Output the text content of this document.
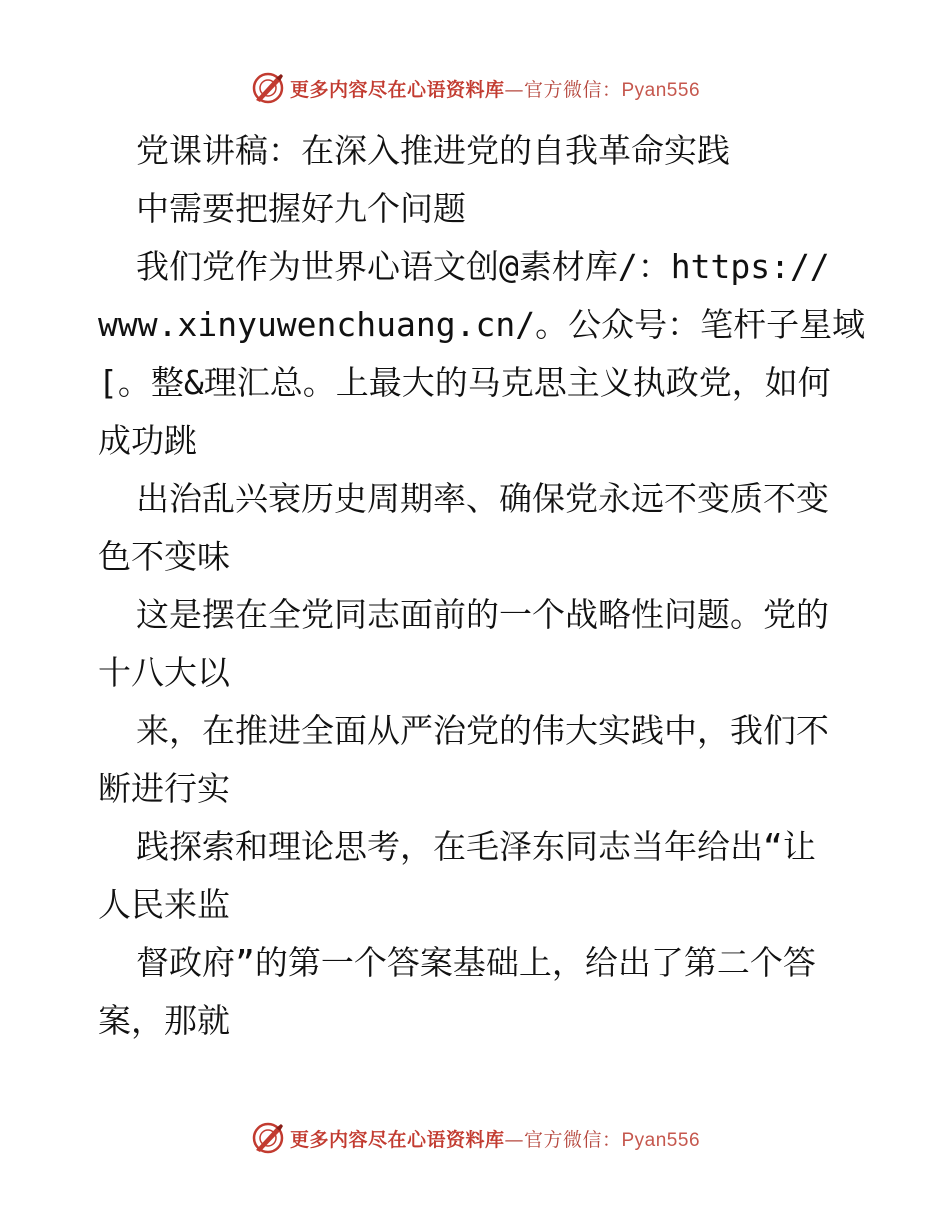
更多内容尽在心语资料库—官方微信：Pyan556
党课讲稿：在深入推进党的自我革命实践
中需要把握好九个问题
我们党作为世界心语文创@素材库/：https://
www.xinyuwenchuang.cn/。公众号：笔杆子星域
[。整&理汇总。上最大的马克思主义执政党，如何
成功跳
出治乱兴衰历史周期率、确保党永远不变质不变
色不变味
这是摆在全党同志面前的一个战略性问题。党的
十八大以
来，在推进全面从严治党的伟大实践中，我们不
断进行实
践探索和理论思考，在毛泽东同志当年给出“让
人民来监
督政府”的第一个答案基础上，给出了第二个答
案，那就
更多内容尽在心语资料库—官方微信：Pyan556
